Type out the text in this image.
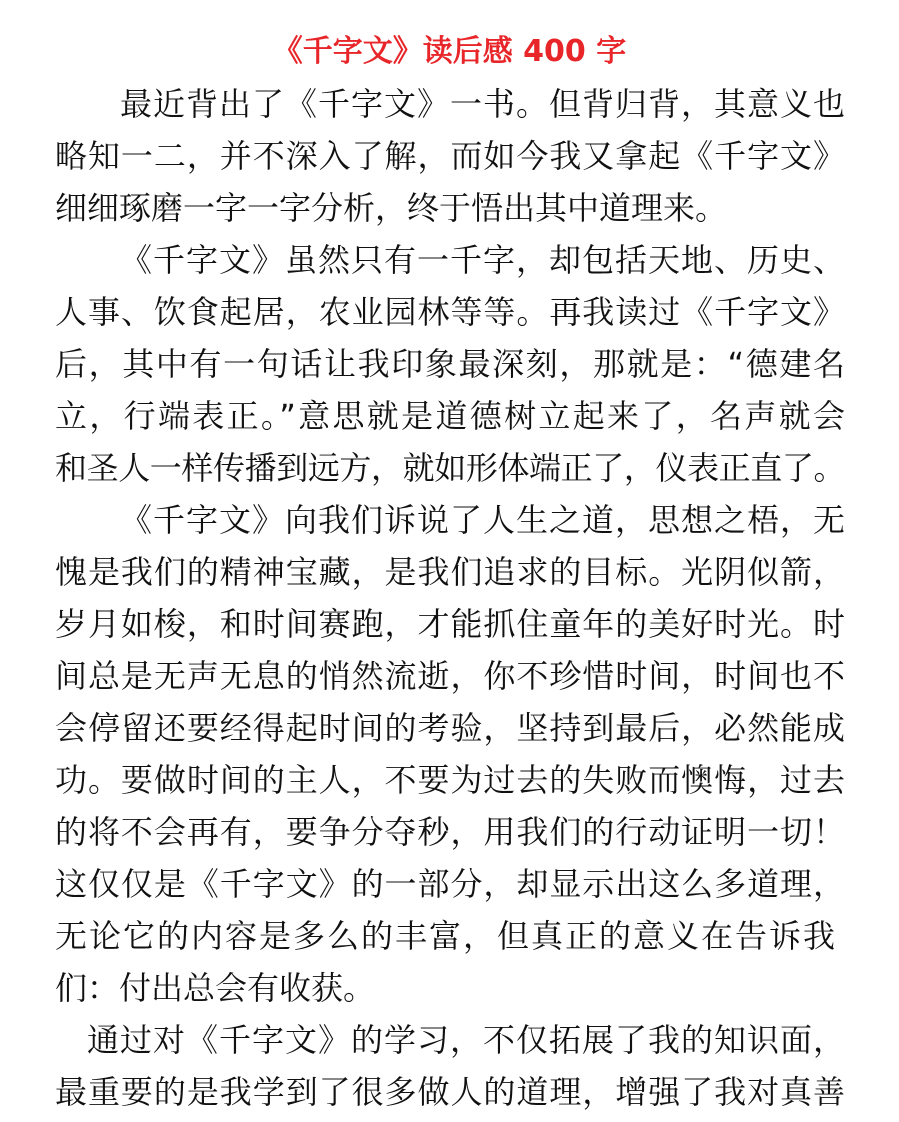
《千字文》读后感 400 字
最近背出了《千字文》一书。但背归背，其意义也
略知一二，并不深入了解，而如今我又拿起《千字文》
细细琢磨一字一字分析，终于悟出其中道理来。
《千字文》虽然只有一千字，却包括天地、历史、
人事、饮食起居，农业园林等等。再我读过《千字文》
后，其中有一句话让我印象最深刻，那就是：“德建名
立，行端表正。”意思就是道德树立起来了，名声就会
和圣人一样传播到远方，就如形体端正了，仪表正直了。
《千字文》向我们诉说了人生之道，思想之梧，无
愧是我们的精神宝藏，是我们追求的目标。光阴似箭，
岁月如梭，和时间赛跑，才能抓住童年的美好时光。时
间总是无声无息的悄然流逝，你不珍惜时间，时间也不
会停留还要经得起时间的考验，坚持到最后，必然能成
功。要做时间的主人，不要为过去的失败而懊悔，过去
的将不会再有，要争分夺秒，用我们的行动证明一切！
这仅仅是《千字文》的一部分，却显示出这么多道理，
无论它的内容是多么的丰富，但真正的意义在告诉我
们：付出总会有收获。
通过对《千字文》的学习，不仅拓展了我的知识面，
最重要的是我学到了很多做人的道理，增强了我对真善
